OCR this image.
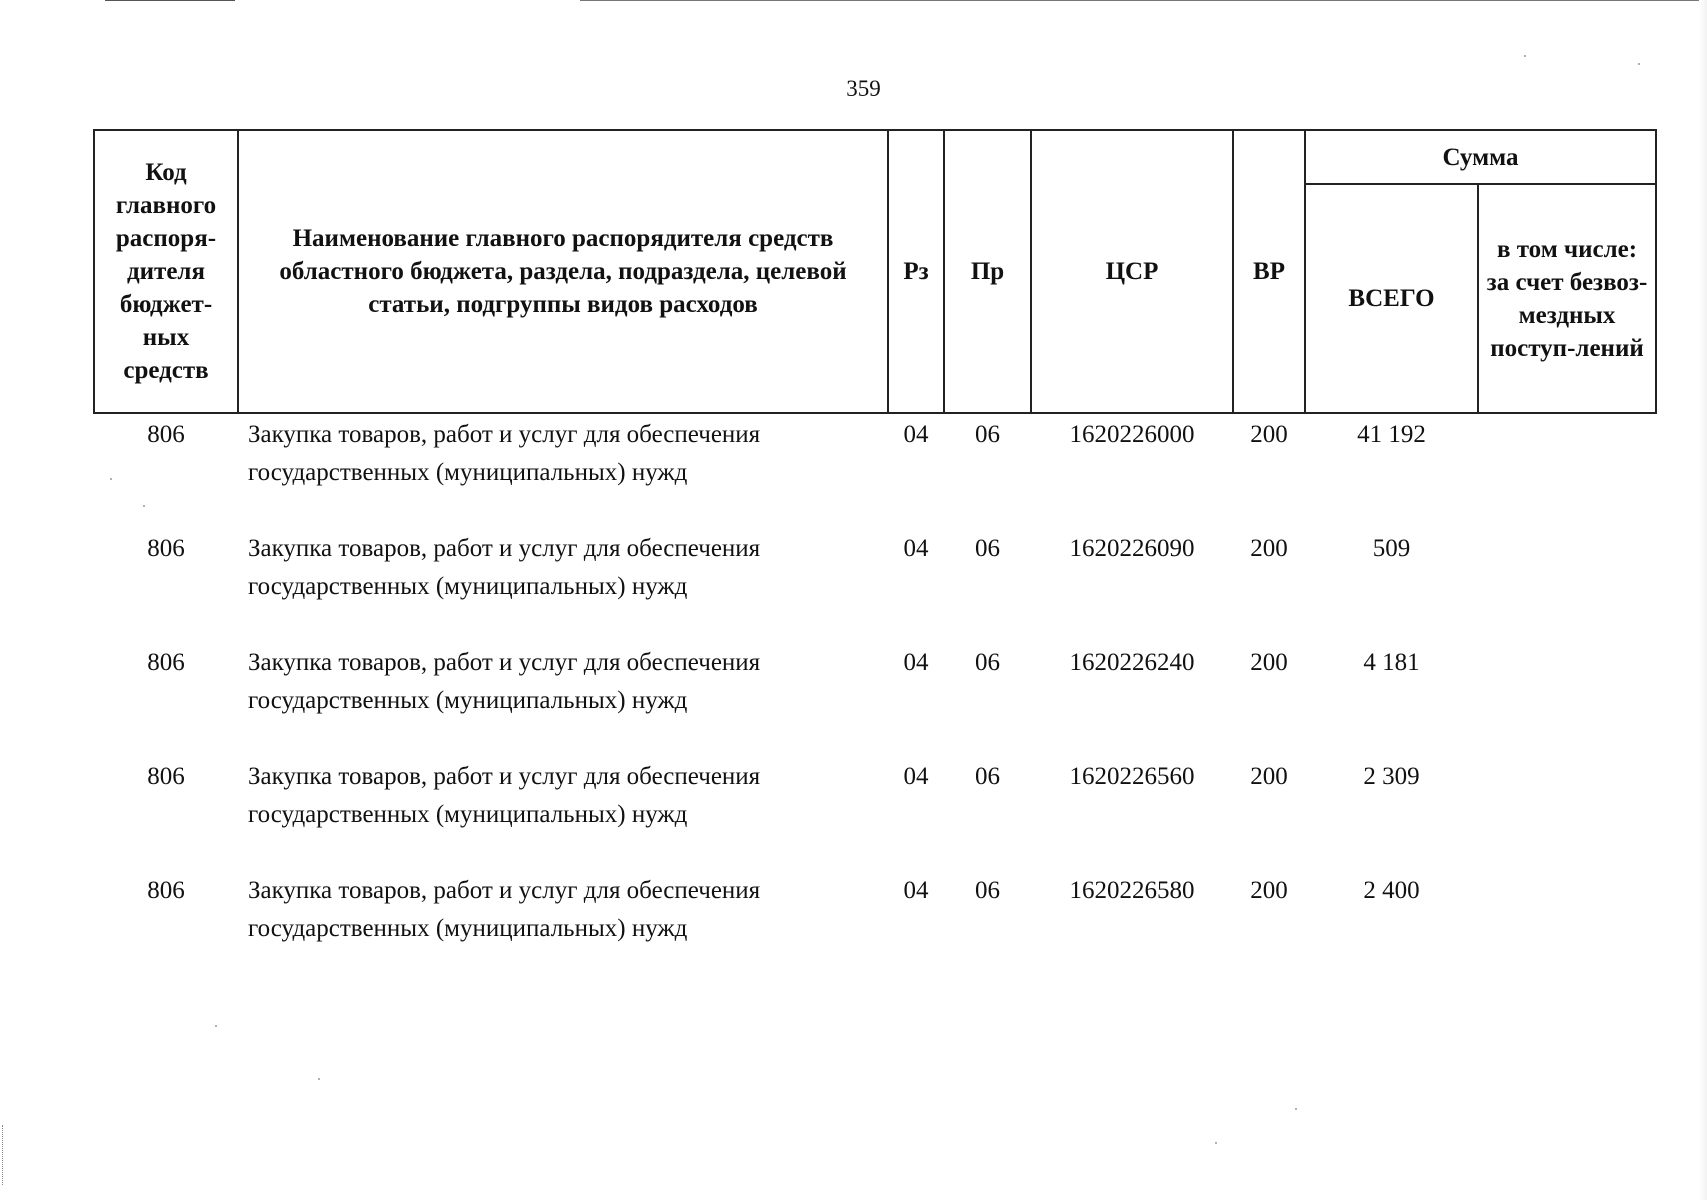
359
Код главного распоря-дителя бюджет-ных средств	Наименование главного распорядителя средств областного бюджета, раздела, подраздела, целевой статьи, подгруппы видов расходов	Рз	Пр	ЦСР	ВР	Сумма	
						ВСЕГО	в том числе: за счет безвоз-мездных поступ-лений
806	Закупка товаров, работ и услуг для обеспечения государственных (муниципальных) нужд	04	06	1620226000	200	41 192	
806	Закупка товаров, работ и услуг для обеспечения государственных (муниципальных) нужд	04	06	1620226090	200	509	
806	Закупка товаров, работ и услуг для обеспечения государственных (муниципальных) нужд	04	06	1620226240	200	4 181	
806	Закупка товаров, работ и услуг для обеспечения государственных (муниципальных) нужд	04	06	1620226560	200	2 309	
806	Закупка товаров, работ и услуг для обеспечения государственных (муниципальных) нужд	04	06	1620226580	200	2 400	
